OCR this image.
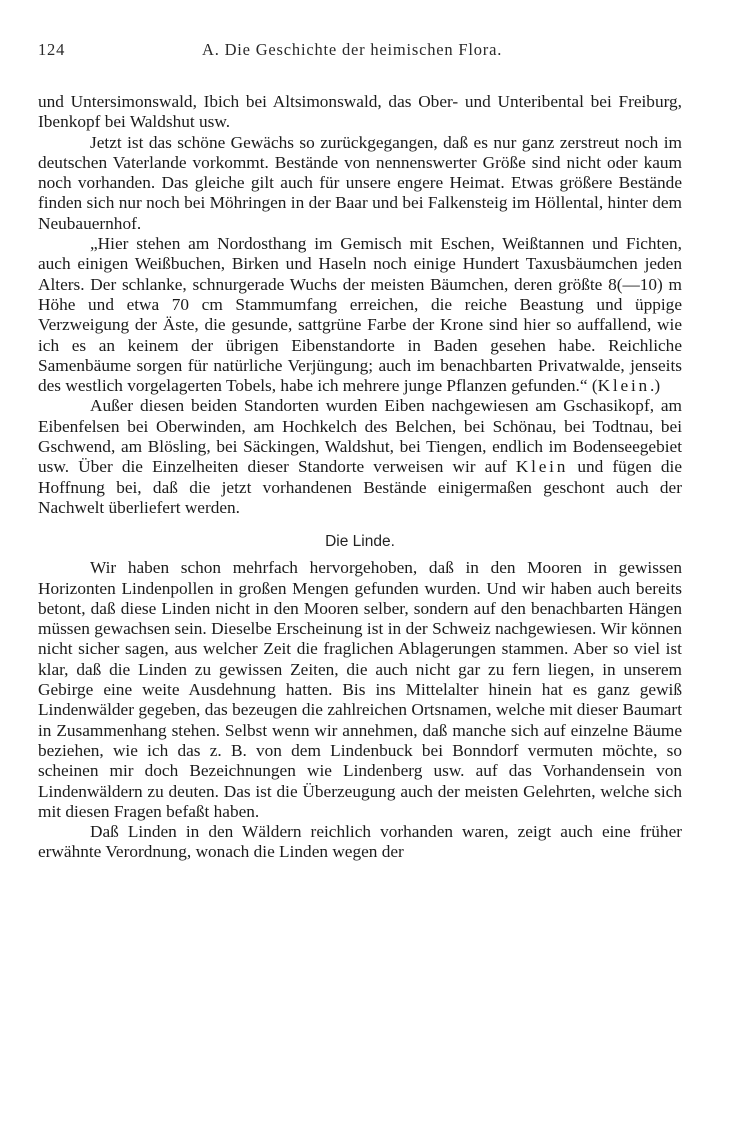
124	A. Die Geschichte der heimischen Flora.

und Untersimonswald, Ibich bei Altsimonswald, das Ober- und Unteribental bei Freiburg, Ibenkopf bei Waldshut usw.

Jetzt ist das schöne Gewächs so zurückgegangen, daß es nur ganz zerstreut noch im deutschen Vaterlande vorkommt. Bestände von nennenswerter Größe sind nicht oder kaum noch vorhanden. Das gleiche gilt auch für unsere engere Heimat. Etwas größere Bestände finden sich nur noch bei Möhringen in der Baar und bei Falkensteig im Höllental, hinter dem Neubauernhof.

„Hier stehen am Nordosthang im Gemisch mit Eschen, Weißtannen und Fichten, auch einigen Weißbuchen, Birken und Haseln noch einige Hundert Taxusbäumchen jeden Alters. Der schlanke, schnurgerade Wuchs der meisten Bäumchen, deren größte 8(—10) m Höhe und etwa 70 cm Stammumfang erreichen, die reiche Beastung und üppige Verzweigung der Äste, die gesunde, sattgrüne Farbe der Krone sind hier so auffallend, wie ich es an keinem der übrigen Eibenstandorte in Baden gesehen habe. Reichliche Samenbäume sorgen für natürliche Verjüngung; auch im benachbarten Privatwalde, jenseits des westlich vorgelagerten Tobels, habe ich mehrere junge Pflanzen gefunden.“ (Klein.)

Außer diesen beiden Standorten wurden Eiben nachgewiesen am Gschasikopf, am Eibenfelsen bei Oberwinden, am Hochkelch des Belchen, bei Schönau, bei Todtnau, bei Gschwend, am Blösling, bei Säckingen, Waldshut, bei Tiengen, endlich im Bodenseegebiet usw. Über die Einzelheiten dieser Standorte verweisen wir auf Klein und fügen die Hoffnung bei, daß die jetzt vorhandenen Bestände einigermaßen geschont auch der Nachwelt überliefert werden.

Die Linde.

Wir haben schon mehrfach hervorgehoben, daß in den Mooren in gewissen Horizonten Lindenpollen in großen Mengen gefunden wurden. Und wir haben auch bereits betont, daß diese Linden nicht in den Mooren selber, sondern auf den benachbarten Hängen müssen gewachsen sein. Dieselbe Erscheinung ist in der Schweiz nachgewiesen. Wir können nicht sicher sagen, aus welcher Zeit die fraglichen Ablagerungen stammen. Aber so viel ist klar, daß die Linden zu gewissen Zeiten, die auch nicht gar zu fern liegen, in unserem Gebirge eine weite Ausdehnung hatten. Bis ins Mittelalter hinein hat es ganz gewiß Lindenwälder gegeben, das bezeugen die zahlreichen Ortsnamen, welche mit dieser Baumart in Zusammenhang stehen. Selbst wenn wir annehmen, daß manche sich auf einzelne Bäume beziehen, wie ich das z. B. von dem Lindenbuck bei Bonndorf vermuten möchte, so scheinen mir doch Bezeichnungen wie Lindenberg usw. auf das Vorhandensein von Lindenwäldern zu deuten. Das ist die Überzeugung auch der meisten Gelehrten, welche sich mit diesen Fragen befaßt haben.

Daß Linden in den Wäldern reichlich vorhanden waren, zeigt auch eine früher erwähnte Verordnung, wonach die Linden wegen der
